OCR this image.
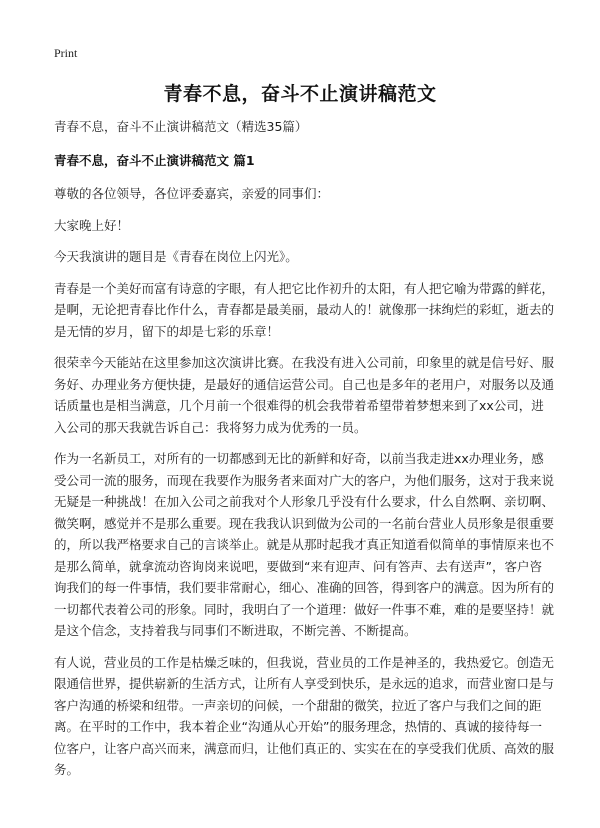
Print
青春不息，奋斗不止演讲稿范文

青春不息，奋斗不止演讲稿范文（精选35篇）

青春不息，奋斗不止演讲稿范文 篇1

尊敬的各位领导，各位评委嘉宾，亲爱的同事们：

大家晚上好！

今天我演讲的题目是《青春在岗位上闪光》。

青春是一个美好而富有诗意的字眼，有人把它比作初升的太阳，有人把它喻为带露的鲜花，是啊，无论把青春比作什么，青春都是最美丽，最动人的！就像那一抹绚烂的彩虹，逝去的是无情的岁月，留下的却是七彩的乐章！

很荣幸今天能站在这里参加这次演讲比赛。在我没有进入公司前，印象里的就是信号好、服务好、办理业务方便快捷，是最好的通信运营公司。自己也是多年的老用户，对服务以及通话质量也是相当满意，几个月前一个很难得的机会我带着希望带着梦想来到了xx公司，进入公司的那天我就告诉自己：我将努力成为优秀的一员。

作为一名新员工，对所有的一切都感到无比的新鲜和好奇，以前当我走进xx办理业务，感受公司一流的服务，而现在我要作为服务者来面对广大的客户，为他们服务，这对于我来说无疑是一种挑战！在加入公司之前我对个人形象几乎没有什么要求，什么自然啊、亲切啊、微笑啊，感觉并不是那么重要。现在我我认识到做为公司的一名前台营业人员形象是很重要的，所以我严格要求自己的言谈举止。就是从那时起我才真正知道看似简单的事情原来也不是那么简单，就拿流动咨询岗来说吧，要做到“来有迎声、问有答声、去有送声”，客户咨询我们的每一件事情，我们要非常耐心，细心、准确的回答，得到客户的满意。因为所有的一切都代表着公司的形象。同时，我明白了一个道理：做好一件事不难，难的是要坚持！就是这个信念，支持着我与同事们不断进取，不断完善、不断提高。

有人说，营业员的工作是枯燥乏味的，但我说，营业员的工作是神圣的，我热爱它。创造无限通信世界，提供崭新的生活方式，让所有人享受到快乐，是永远的追求，而营业窗口是与客户沟通的桥梁和纽带。一声亲切的问候，一个甜甜的微笑，拉近了客户与我们之间的距离。在平时的工作中，我本着企业“沟通从心开始”的服务理念，热情的、真诚的接待每一位客户，让客户高兴而来，满意而归，让他们真正的、实实在在的享受我们优质、高效的服务。
